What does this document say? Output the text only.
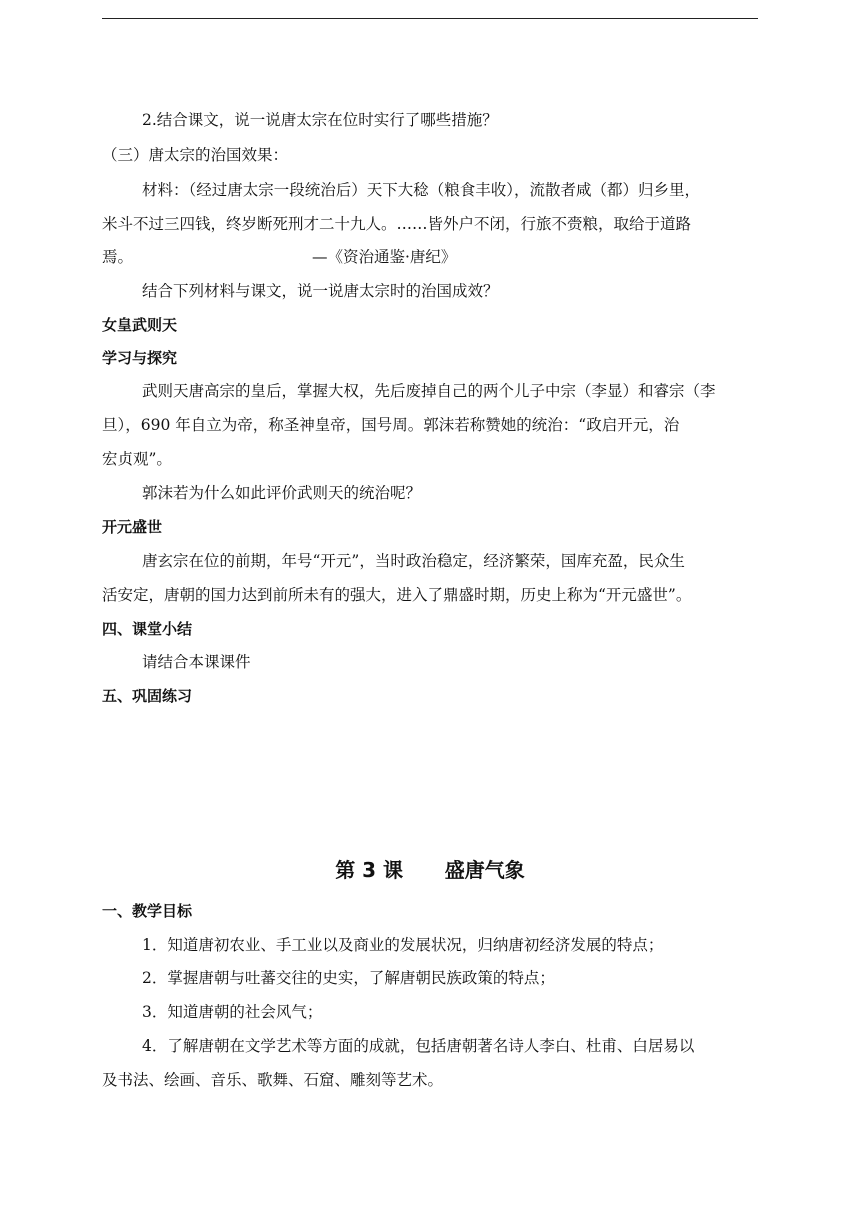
2.结合课文，说一说唐太宗在位时实行了哪些措施？
（三）唐太宗的治国效果：
材料：（经过唐太宗一段统治后）天下大稔（粮食丰收），流散者咸（都）归乡里，
米斗不过三四钱，终岁断死刑才二十九人。……皆外户不闭，行旅不赍粮，取给于道路
焉。	—《资治通鉴·唐纪》
结合下列材料与课文，说一说唐太宗时的治国成效？
女皇武则天
学习与探究
武则天唐高宗的皇后，掌握大权，先后废掉自己的两个儿子中宗（李显）和睿宗（李
旦），690 年自立为帝，称圣神皇帝，国号周。郭沫若称赞她的统治：“政启开元，治
宏贞观”。
郭沫若为什么如此评价武则天的统治呢？
开元盛世
唐玄宗在位的前期，年号“开元”，当时政治稳定，经济繁荣，国库充盈，民众生
活安定，唐朝的国力达到前所未有的强大，进入了鼎盛时期，历史上称为“开元盛世”。
四、课堂小结
请结合本课课件
五、巩固练习
第 3 课      盛唐气象
一、教学目标
1．知道唐初农业、手工业以及商业的发展状况，归纳唐初经济发展的特点；
2．掌握唐朝与吐蕃交往的史实，了解唐朝民族政策的特点；
3．知道唐朝的社会风气；
4．了解唐朝在文学艺术等方面的成就，包括唐朝著名诗人李白、杜甫、白居易以
及书法、绘画、音乐、歌舞、石窟、雕刻等艺术。
